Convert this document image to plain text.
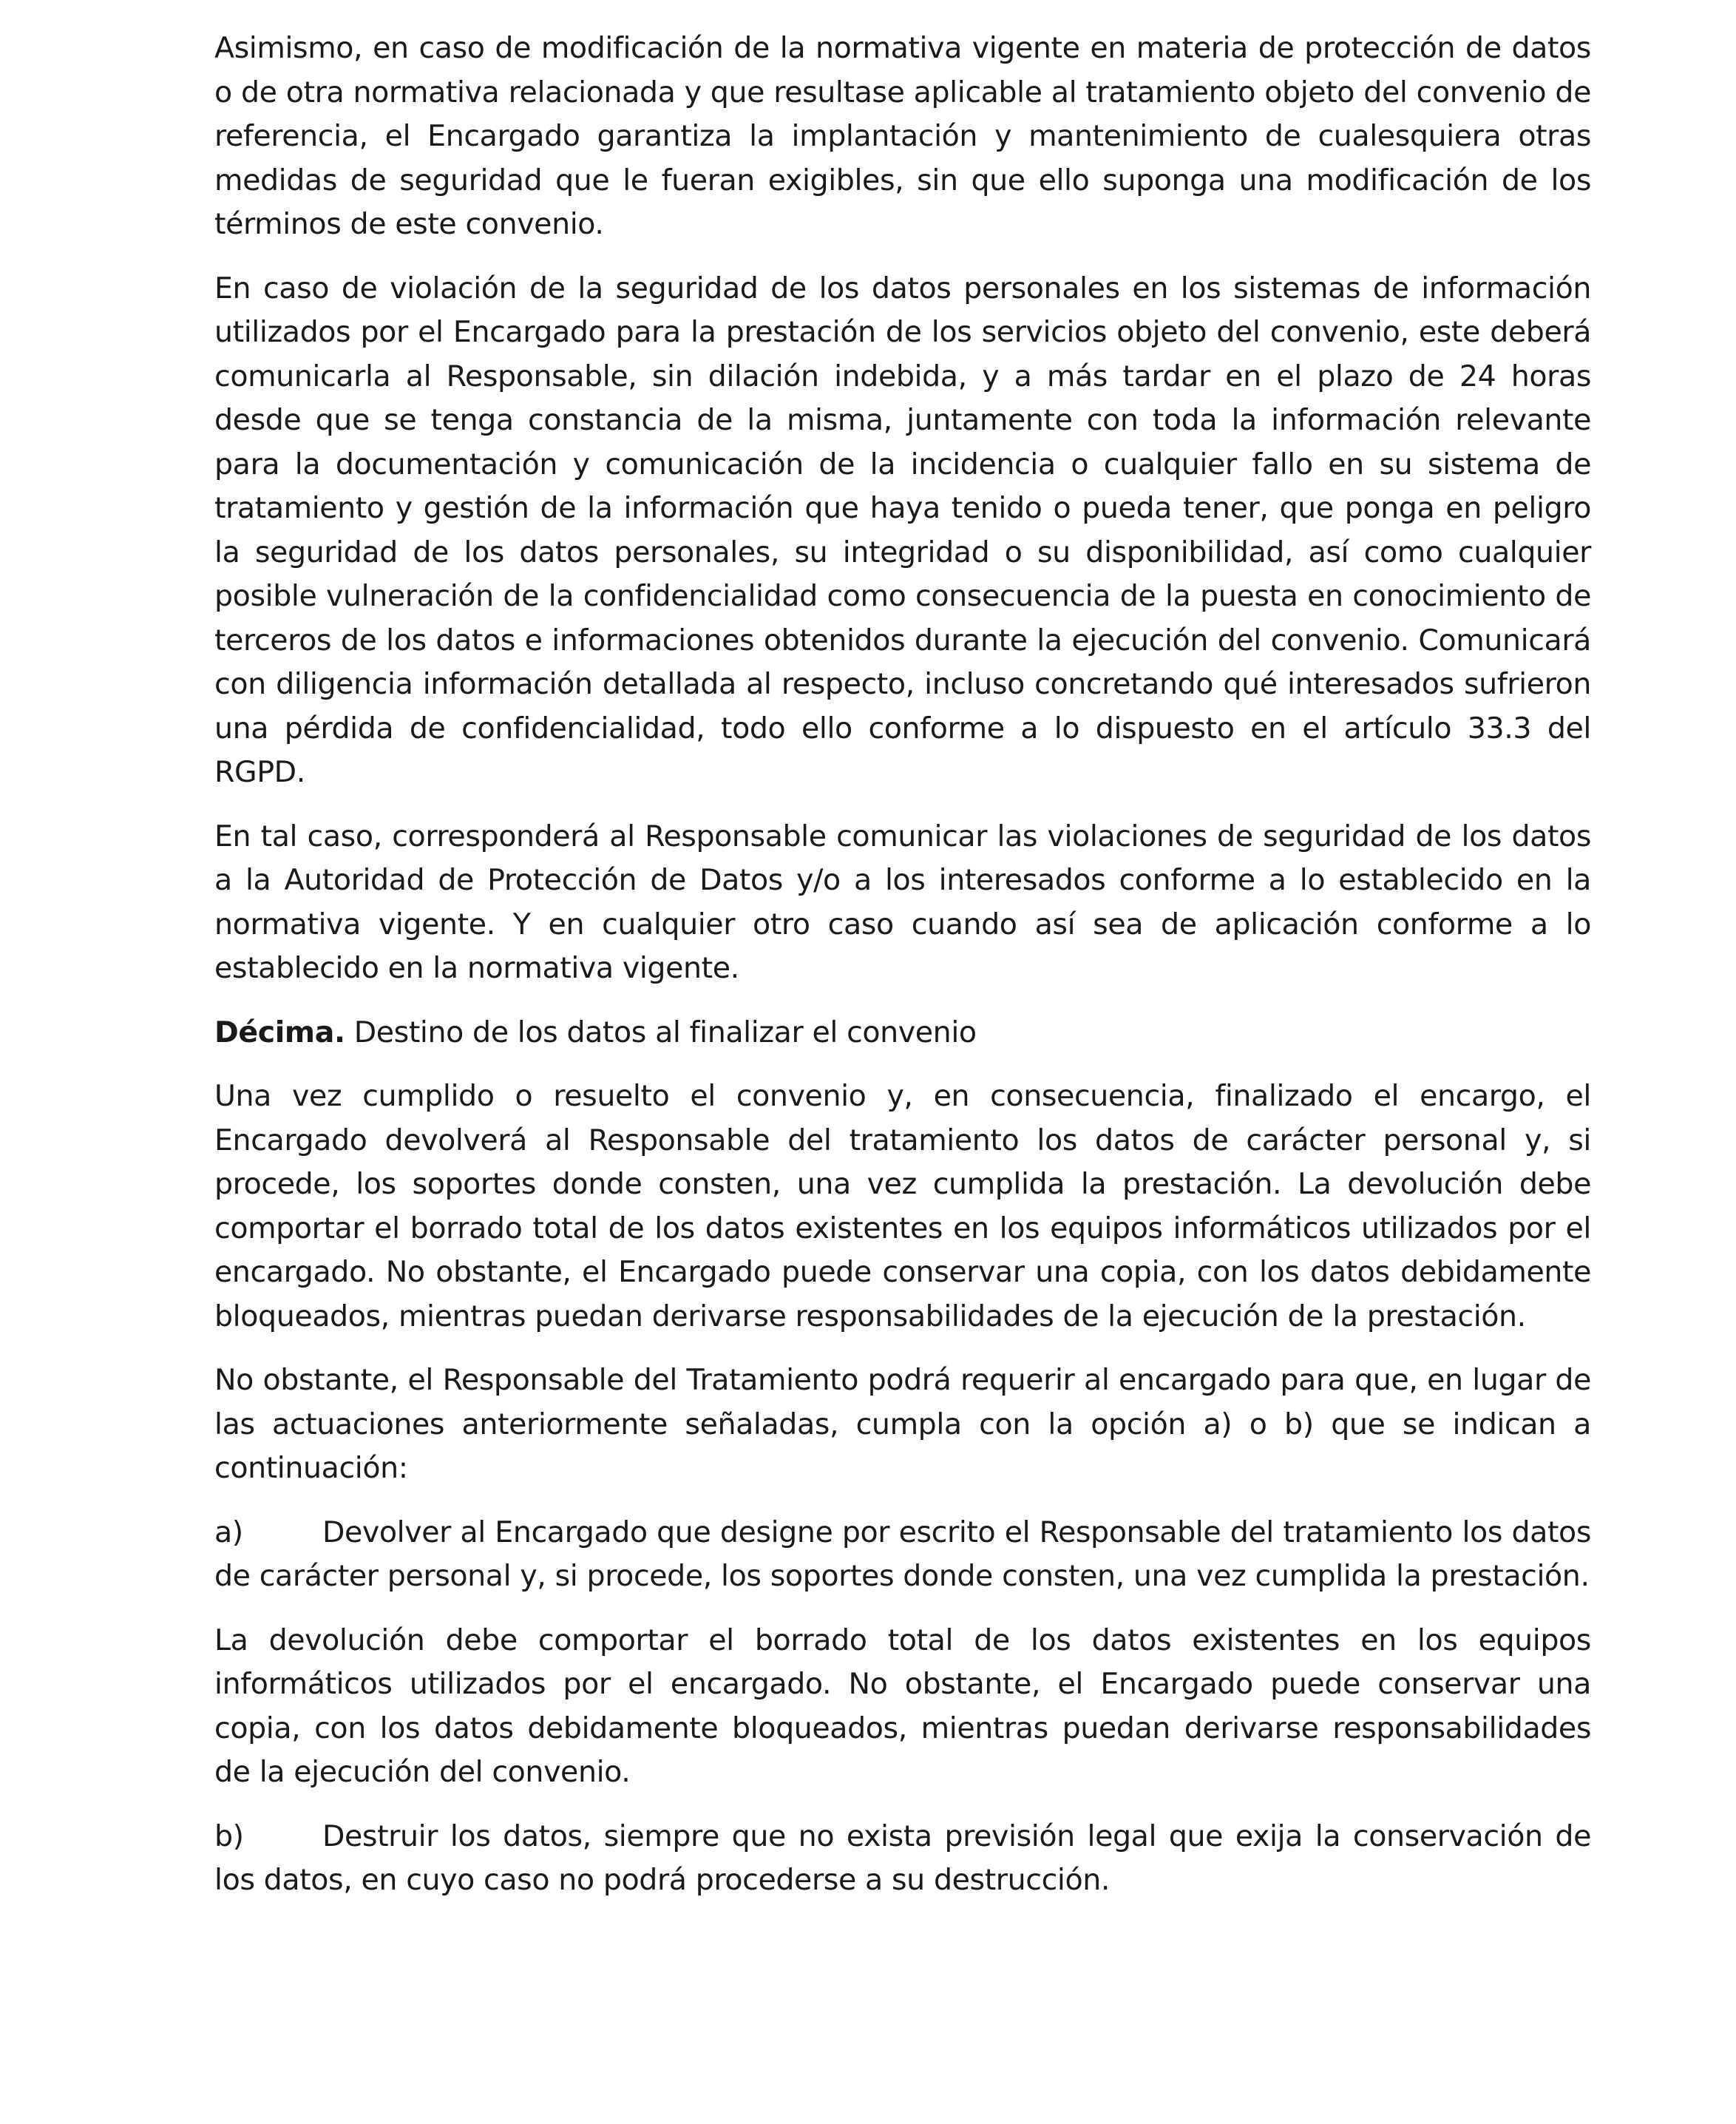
Asimismo, en caso de modificación de la normativa vigente en materia de protección de datos o de otra normativa relacionada y que resultase aplicable al tratamiento objeto del convenio de referencia, el Encargado garantiza la implantación y mantenimiento de cualesquiera otras medidas de seguridad que le fueran exigibles, sin que ello suponga una modificación de los términos de este convenio.

En caso de violación de la seguridad de los datos personales en los sistemas de información utilizados por el Encargado para la prestación de los servicios objeto del convenio, este deberá comunicarla al Responsable, sin dilación indebida, y a más tardar en el plazo de 24 horas desde que se tenga constancia de la misma, juntamente con toda la información relevante para la documentación y comunicación de la incidencia o cualquier fallo en su sistema de tratamiento y gestión de la información que haya tenido o pueda tener, que ponga en peligro la seguridad de los datos personales, su integridad o su disponibilidad, así como cualquier posible vulneración de la confidencialidad como consecuencia de la puesta en conocimiento de terceros de los datos e informaciones obtenidos durante la ejecución del convenio. Comunicará con diligencia información detallada al respecto, incluso concretando qué interesados sufrieron una pérdida de confidencialidad, todo ello conforme a lo dispuesto en el artículo 33.3 del RGPD.

En tal caso, corresponderá al Responsable comunicar las violaciones de seguridad de los datos a la Autoridad de Protección de Datos y/o a los interesados conforme a lo establecido en la normativa vigente. Y en cualquier otro caso cuando así sea de aplicación conforme a lo establecido en la normativa vigente.

Décima. Destino de los datos al finalizar el convenio

Una vez cumplido o resuelto el convenio y, en consecuencia, finalizado el encargo, el Encargado devolverá al Responsable del tratamiento los datos de carácter personal y, si procede, los soportes donde consten, una vez cumplida la prestación. La devolución debe comportar el borrado total de los datos existentes en los equipos informáticos utilizados por el encargado. No obstante, el Encargado puede conservar una copia, con los datos debidamente bloqueados, mientras puedan derivarse responsabilidades de la ejecución de la prestación.

No obstante, el Responsable del Tratamiento podrá requerir al encargado para que, en lugar de las actuaciones anteriormente señaladas, cumpla con la opción a) o b) que se indican a continuación:

a)	Devolver al Encargado que designe por escrito el Responsable del tratamiento los datos de carácter personal y, si procede, los soportes donde consten, una vez cumplida la prestación.

La devolución debe comportar el borrado total de los datos existentes en los equipos informáticos utilizados por el encargado. No obstante, el Encargado puede conservar una copia, con los datos debidamente bloqueados, mientras puedan derivarse responsabilidades de la ejecución del convenio.

b)	Destruir los datos, siempre que no exista previsión legal que exija la conservación de los datos, en cuyo caso no podrá procederse a su destrucción.
